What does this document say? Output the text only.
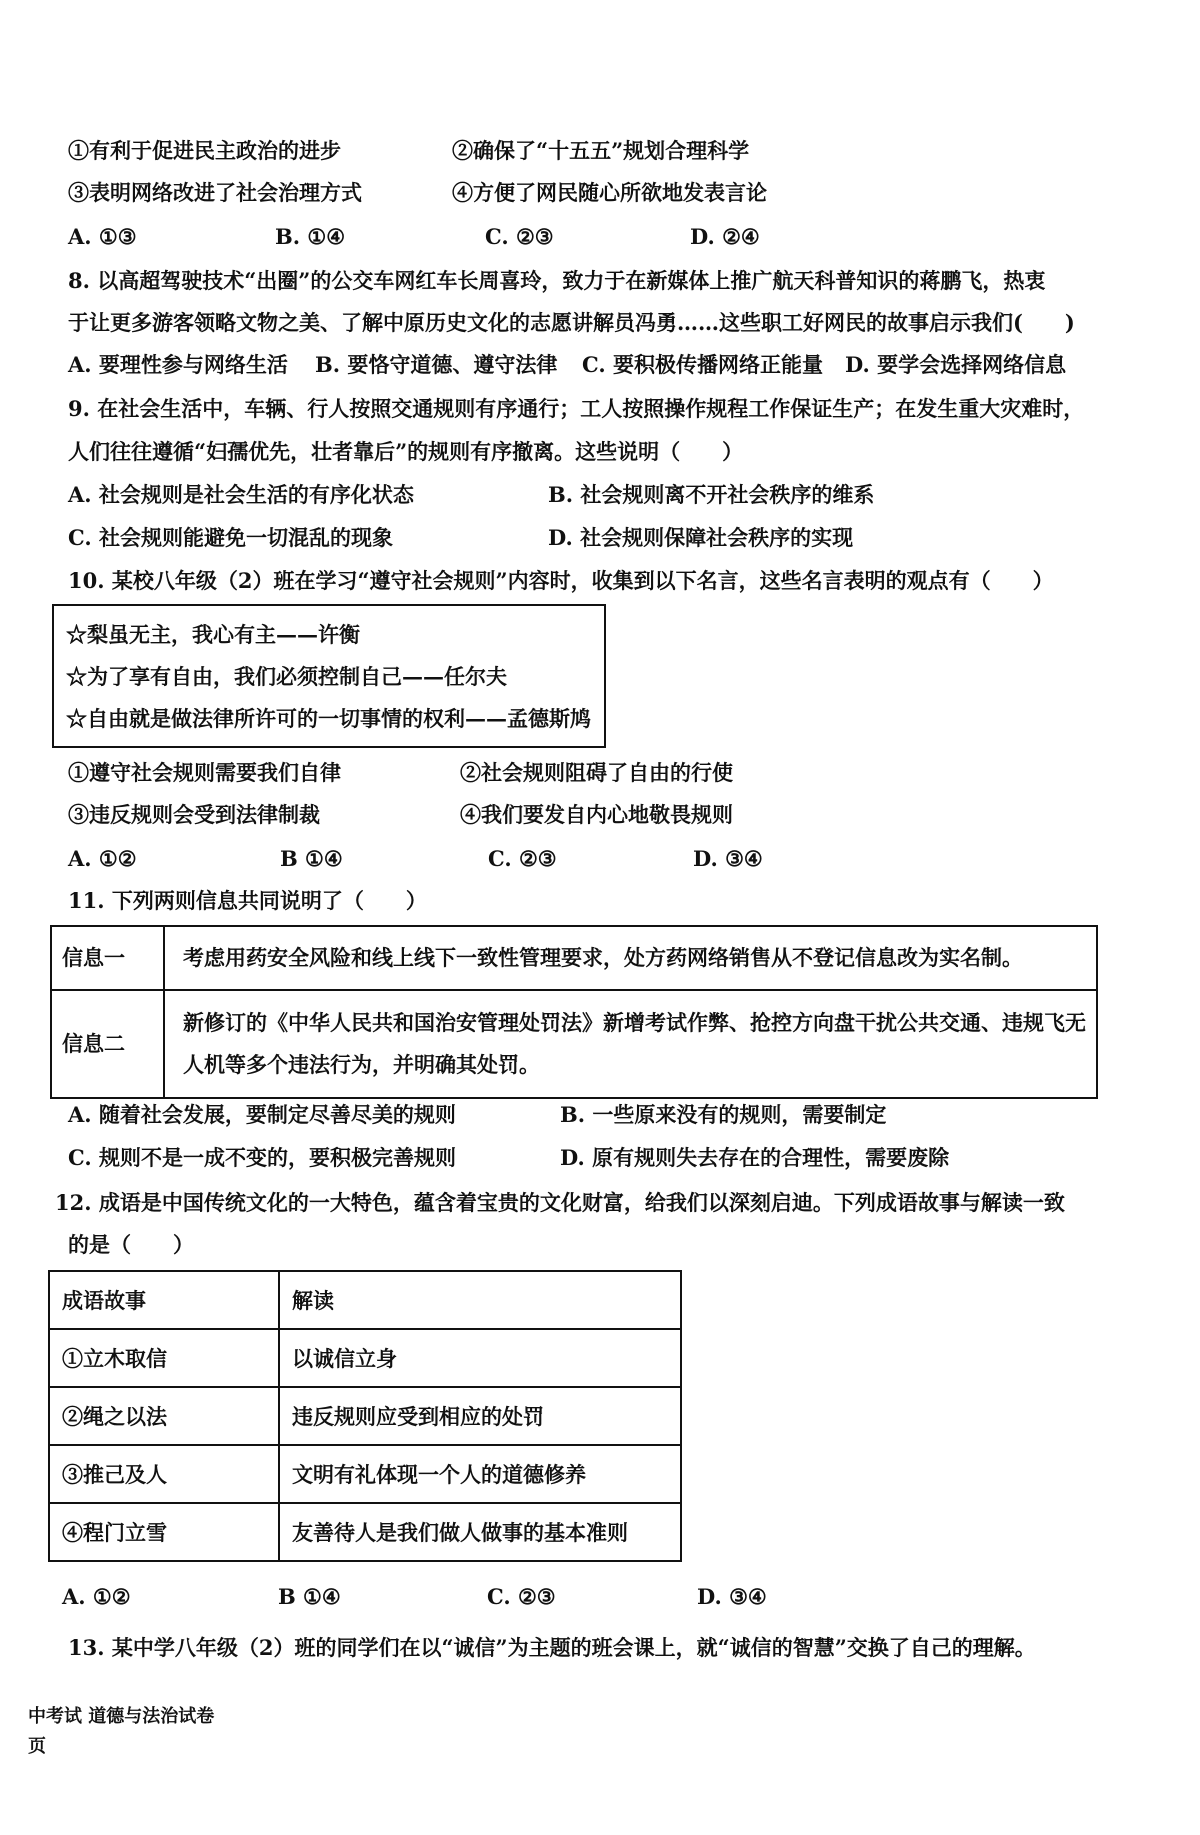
①有利于促进民主政治的进步	②确保了“十五五”规划合理科学
③表明网络改进了社会治理方式	④方便了网民随心所欲地发表言论
A. ①③	B. ①④	C. ②③	D. ②④
8. 以高超驾驶技术“出圈”的公交车网红车长周喜玲，致力于在新媒体上推广航天科普知识的蒋鹏飞，热衷
于让更多游客领略文物之美、了解中原历史文化的志愿讲解员冯勇……这些职工好网民的故事启示我们(　　)
A. 要理性参与网络生活 B. 要恪守道德、遵守法律 C. 要积极传播网络正能量 D. 要学会选择网络信息
9. 在社会生活中，车辆、行人按照交通规则有序通行；工人按照操作规程工作保证生产；在发生重大灾难时，
人们往往遵循“妇孺优先，壮者靠后”的规则有序撤离。这些说明（　　）
A. 社会规则是社会生活的有序化状态	B. 社会规则离不开社会秩序的维系
C. 社会规则能避免一切混乱的现象	D. 社会规则保障社会秩序的实现
10. 某校八年级（2）班在学习“遵守社会规则”内容时，收集到以下名言，这些名言表明的观点有（　　）
☆梨虽无主，我心有主——许衡
☆为了享有自由，我们必须控制自己——任尔夫
☆自由就是做法律所许可的一切事情的权利——孟德斯鸠
①遵守社会规则需要我们自律	②社会规则阻碍了自由的行使
③违反规则会受到法律制裁	④我们要发自内心地敬畏规则
A. ①②	B ①④	C. ②③	D. ③④
11. 下列两则信息共同说明了（　　）
信息一	考虑用药安全风险和线上线下一致性管理要求，处方药网络销售从不登记信息改为实名制。
信息二	新修订的《中华人民共和国治安管理处罚法》新增考试作弊、抢控方向盘干扰公共交通、违规飞无
人机等多个违法行为，并明确其处罚。
A. 随着社会发展，要制定尽善尽美的规则	B. 一些原来没有的规则，需要制定
C. 规则不是一成不变的，要积极完善规则	D. 原有规则失去存在的合理性，需要废除
12. 成语是中国传统文化的一大特色，蕴含着宝贵的文化财富，给我们以深刻启迪。下列成语故事与解读一致
的是（　　）
成语故事	解读
①立木取信	以诚信立身
②绳之以法	违反规则应受到相应的处罚
③推己及人	文明有礼体现一个人的道德修养
④程门立雪	友善待人是我们做人做事的基本准则
A. ①②	B ①④	C. ②③	D. ③④
13. 某中学八年级（2）班的同学们在以“诚信”为主题的班会课上，就“诚信的智慧”交换了自己的理解。
中考试 道德与法治试卷
页
